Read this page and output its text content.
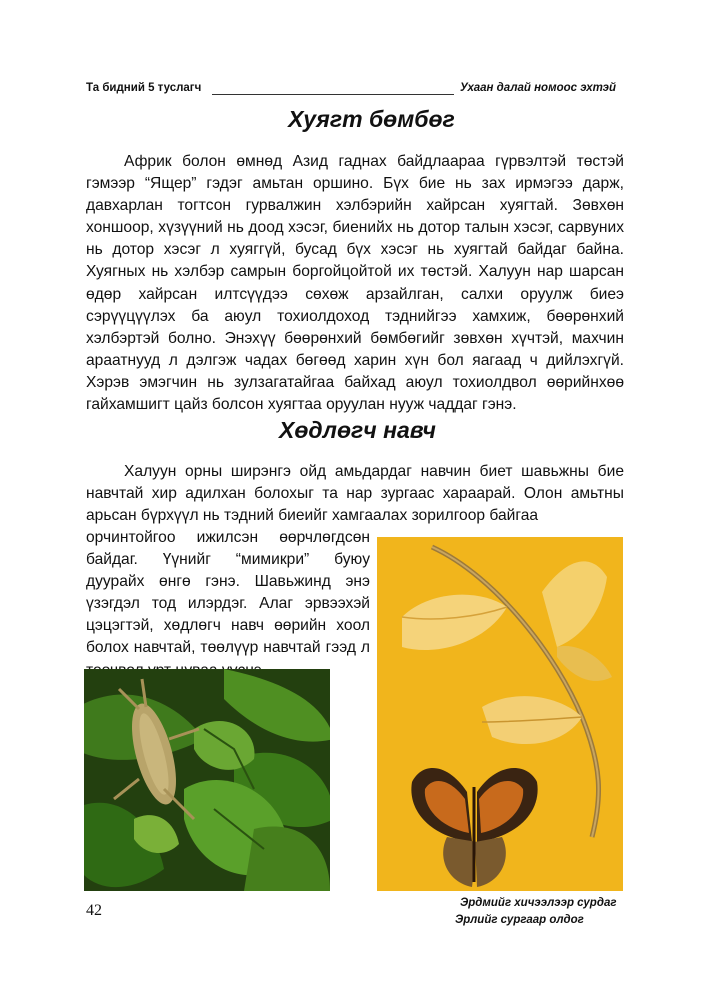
Та бидний 5 туслагч	Ухаан далай номоос эхтэй
Хуягт бөмбөг

Африк болон өмнөд Азид гаднах байдлаараа гүрвэлтэй төстэй гэмээр “Ящер” гэдэг амьтан оршино. Бүх бие нь зах ирмэгээ дарж, давхарлан тогтсон гурвалжин хэлбэрийн хайрсан хуягтай. Зөвхөн хоншоор, хүзүүний нь доод хэсэг, биенийх нь дотор талын хэсэг, сарвуних нь дотор хэсэг л хуяггүй, бусад бүх хэсэг нь хуягтай байдаг байна. Хуягных нь хэлбэр самрын боргойцойтой их төстэй. Халуун нар шарсан өдөр хайрсан илтсүүдээ сөхөж арзайлган, салхи оруулж биеэ сэрүүцүүлэх ба аюул тохиолдоход тэднийгээ хамхиж, бөөрөнхий хэлбэртэй болно. Энэхүү бөөрөнхий бөмбөгийг зөвхөн хүчтэй, махчин араатнууд л дэлгэж чадах бөгөөд харин хүн бол яагаад ч дийлэхгүй. Хэрэв эмэгчин нь зулзагатайгаа байхад аюул тохиолдвол өөрийнхөө гайхамшигт цайз болсон хуягтаа оруулан нууж чаддаг гэнэ.

Хөдлөгч навч

Халуун орны ширэнгэ ойд амьдардаг навчин биет шавьжны бие навчтай хир адилхан болохыг та нар зургаас хараарай. Олон амьтны арьсан бүрхүүл нь тэдний биеийг хамгаалах зорилгоор байгаа

орчинтойгоо ижилсэн өөрчлөгдсөн байдаг. Үүнийг “мимикри” буюу дуурайх өнгө гэнэ. Шавьжинд энэ үзэгдэл тод илэрдэг. Алаг эрвээхэй цэцэгтэй, хөдлөгч навч өөрийн хоол болох навчтай, төөлүүр навчтай гээд л

42	Эрдмийг хичээлээр сурдаг
Эрлийг сургаар олдог
